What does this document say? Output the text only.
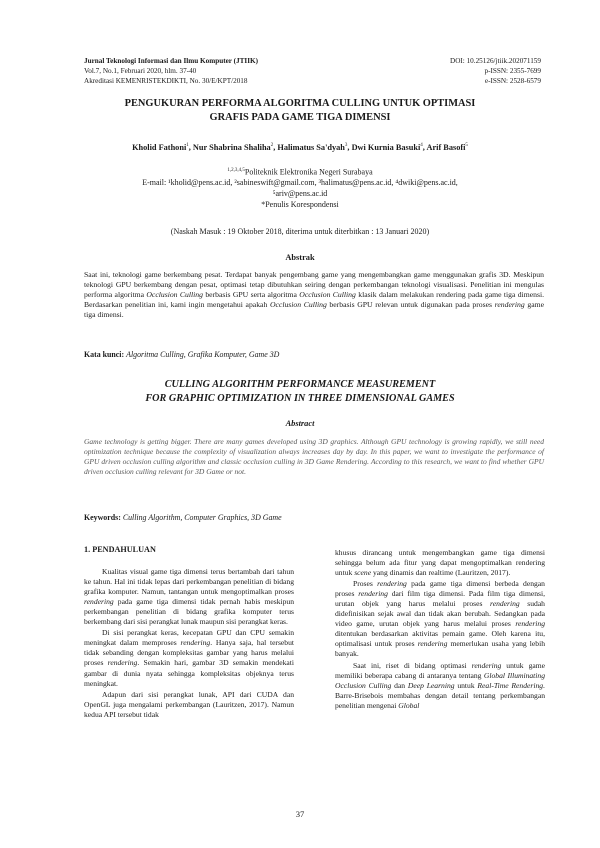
Jurnal Teknologi Informasi dan Ilmu Komputer (JTIIK)
Vol.7, No.1, Februari 2020, hlm. 37-40
Akreditasi KEMENRISTEKDIKTI, No. 30/E/KPT/2018
DOI: 10.25126/jtiik.202071159
p-ISSN: 2355-7699
e-ISSN: 2528-6579
PENGUKURAN PERFORMA ALGORITMA CULLING UNTUK OPTIMASI
GRAFIS PADA GAME TIGA DIMENSI
Kholid Fathoni$^1$, Nur Shabrina Shaliha$^2$, Halimatus Sa'dyah$^3$, Dwi Kurnia Basuki$^4$, Arif Basofi$^5$
$^{1,2,3,4,5}$Politeknik Elektronika Negeri Surabaya
E-mail: ¹kholid@pens.ac.id, ²sabineswift@gmail.com, ³halimatus@pens.ac.id, ⁴dwiki@pens.ac.id,
⁵ariv@pens.ac.id
*Penulis Korespondensi
(Naskah Masuk : 19 Oktober 2018, diterima untuk diterbitkan : 13 Januari 2020)
Abstrak
Saat ini, teknologi game berkembang pesat. Terdapat banyak pengembang game yang mengembangkan game menggunakan grafis 3D. Meskipun teknologi GPU berkembang dengan pesat, optimasi tetap dibutuhkan seiring dengan perkembangan teknologi visualisasi. Penelitian ini mengulas performa algoritma Occlusion Culling berbasis GPU serta algoritma Occlusion Culling klasik dalam melakukan rendering pada game tiga dimensi. Berdasarkan penelitian ini, kami ingin mengetahui apakah Occlusion Culling berbasis GPU relevan untuk digunakan pada proses rendering game tiga dimensi.
Kata kunci: Algoritma Culling, Grafika Komputer, Game 3D
CULLING ALGORITHM PERFORMANCE MEASUREMENT
FOR GRAPHIC OPTIMIZATION IN THREE DIMENSIONAL GAMES
Abstract
Game technology is getting bigger. There are many games developed using 3D graphics. Although GPU technology is growing rapidly, we still need optimization technique because the complexity of visualization always increases day by day. In this paper, we want to investigate the performance of GPU driven occlusion culling algorithm and classic occlusion culling in 3D Game Rendering. According to this research, we want to find whether GPU driven occlusion culling relevant for 3D Game or not.
Keywords: Culling Algorithm, Computer Graphics, 3D Game
1. PENDAHULUAN

Kualitas visual game tiga dimensi terus bertambah dari tahun ke tahun. Hal ini tidak lepas dari perkembangan penelitian di bidang grafika komputer. Namun, tantangan untuk mengoptimalkan proses rendering pada game tiga dimensi tidak pernah habis meskipun perkembangan penelitian di bidang grafika komputer terus berkembang dari sisi perangkat lunak maupun sisi perangkat keras.

Di sisi perangkat keras, kecepatan GPU dan CPU semakin meningkat dalam memproses rendering. Hanya saja, hal tersebut tidak sebanding dengan kompleksitas gambar yang harus melalui proses rendering. Semakin hari, gambar 3D semakin mendekati gambar di dunia nyata sehingga kompleksitas objeknya terus meningkat.

Adapun dari sisi perangkat lunak, API dari CUDA dan OpenGL juga mengalami perkembangan (Lauritzen, 2017). Namun kedua API tersebut tidak

khusus dirancang untuk mengembangkan game tiga dimensi sehingga belum ada fitur yang dapat mengoptimalkan rendering untuk scene yang dinamis dan realtime (Lauritzen, 2017).

Proses rendering pada game tiga dimensi berbeda dengan proses rendering dari film tiga dimensi. Pada film tiga dimensi, urutan objek yang harus melalui proses rendering sudah didefinisikan sejak awal dan tidak akan berubah. Sedangkan pada video game, urutan objek yang harus melalui proses rendering ditentukan berdasarkan aktivitas pemain game. Oleh karena itu, optimalisasi untuk proses rendering memerlukan usaha yang lebih banyak.

Saat ini, riset di bidang optimasi rendering untuk game memiliki beberapa cabang di antaranya tentang Global Illuminating Occlusion Culling dan Deep Learning untuk Real-Time Rendering. Barre-Brisebois membahas dengan detail tentang perkembangan penelitian mengenai Global

37
